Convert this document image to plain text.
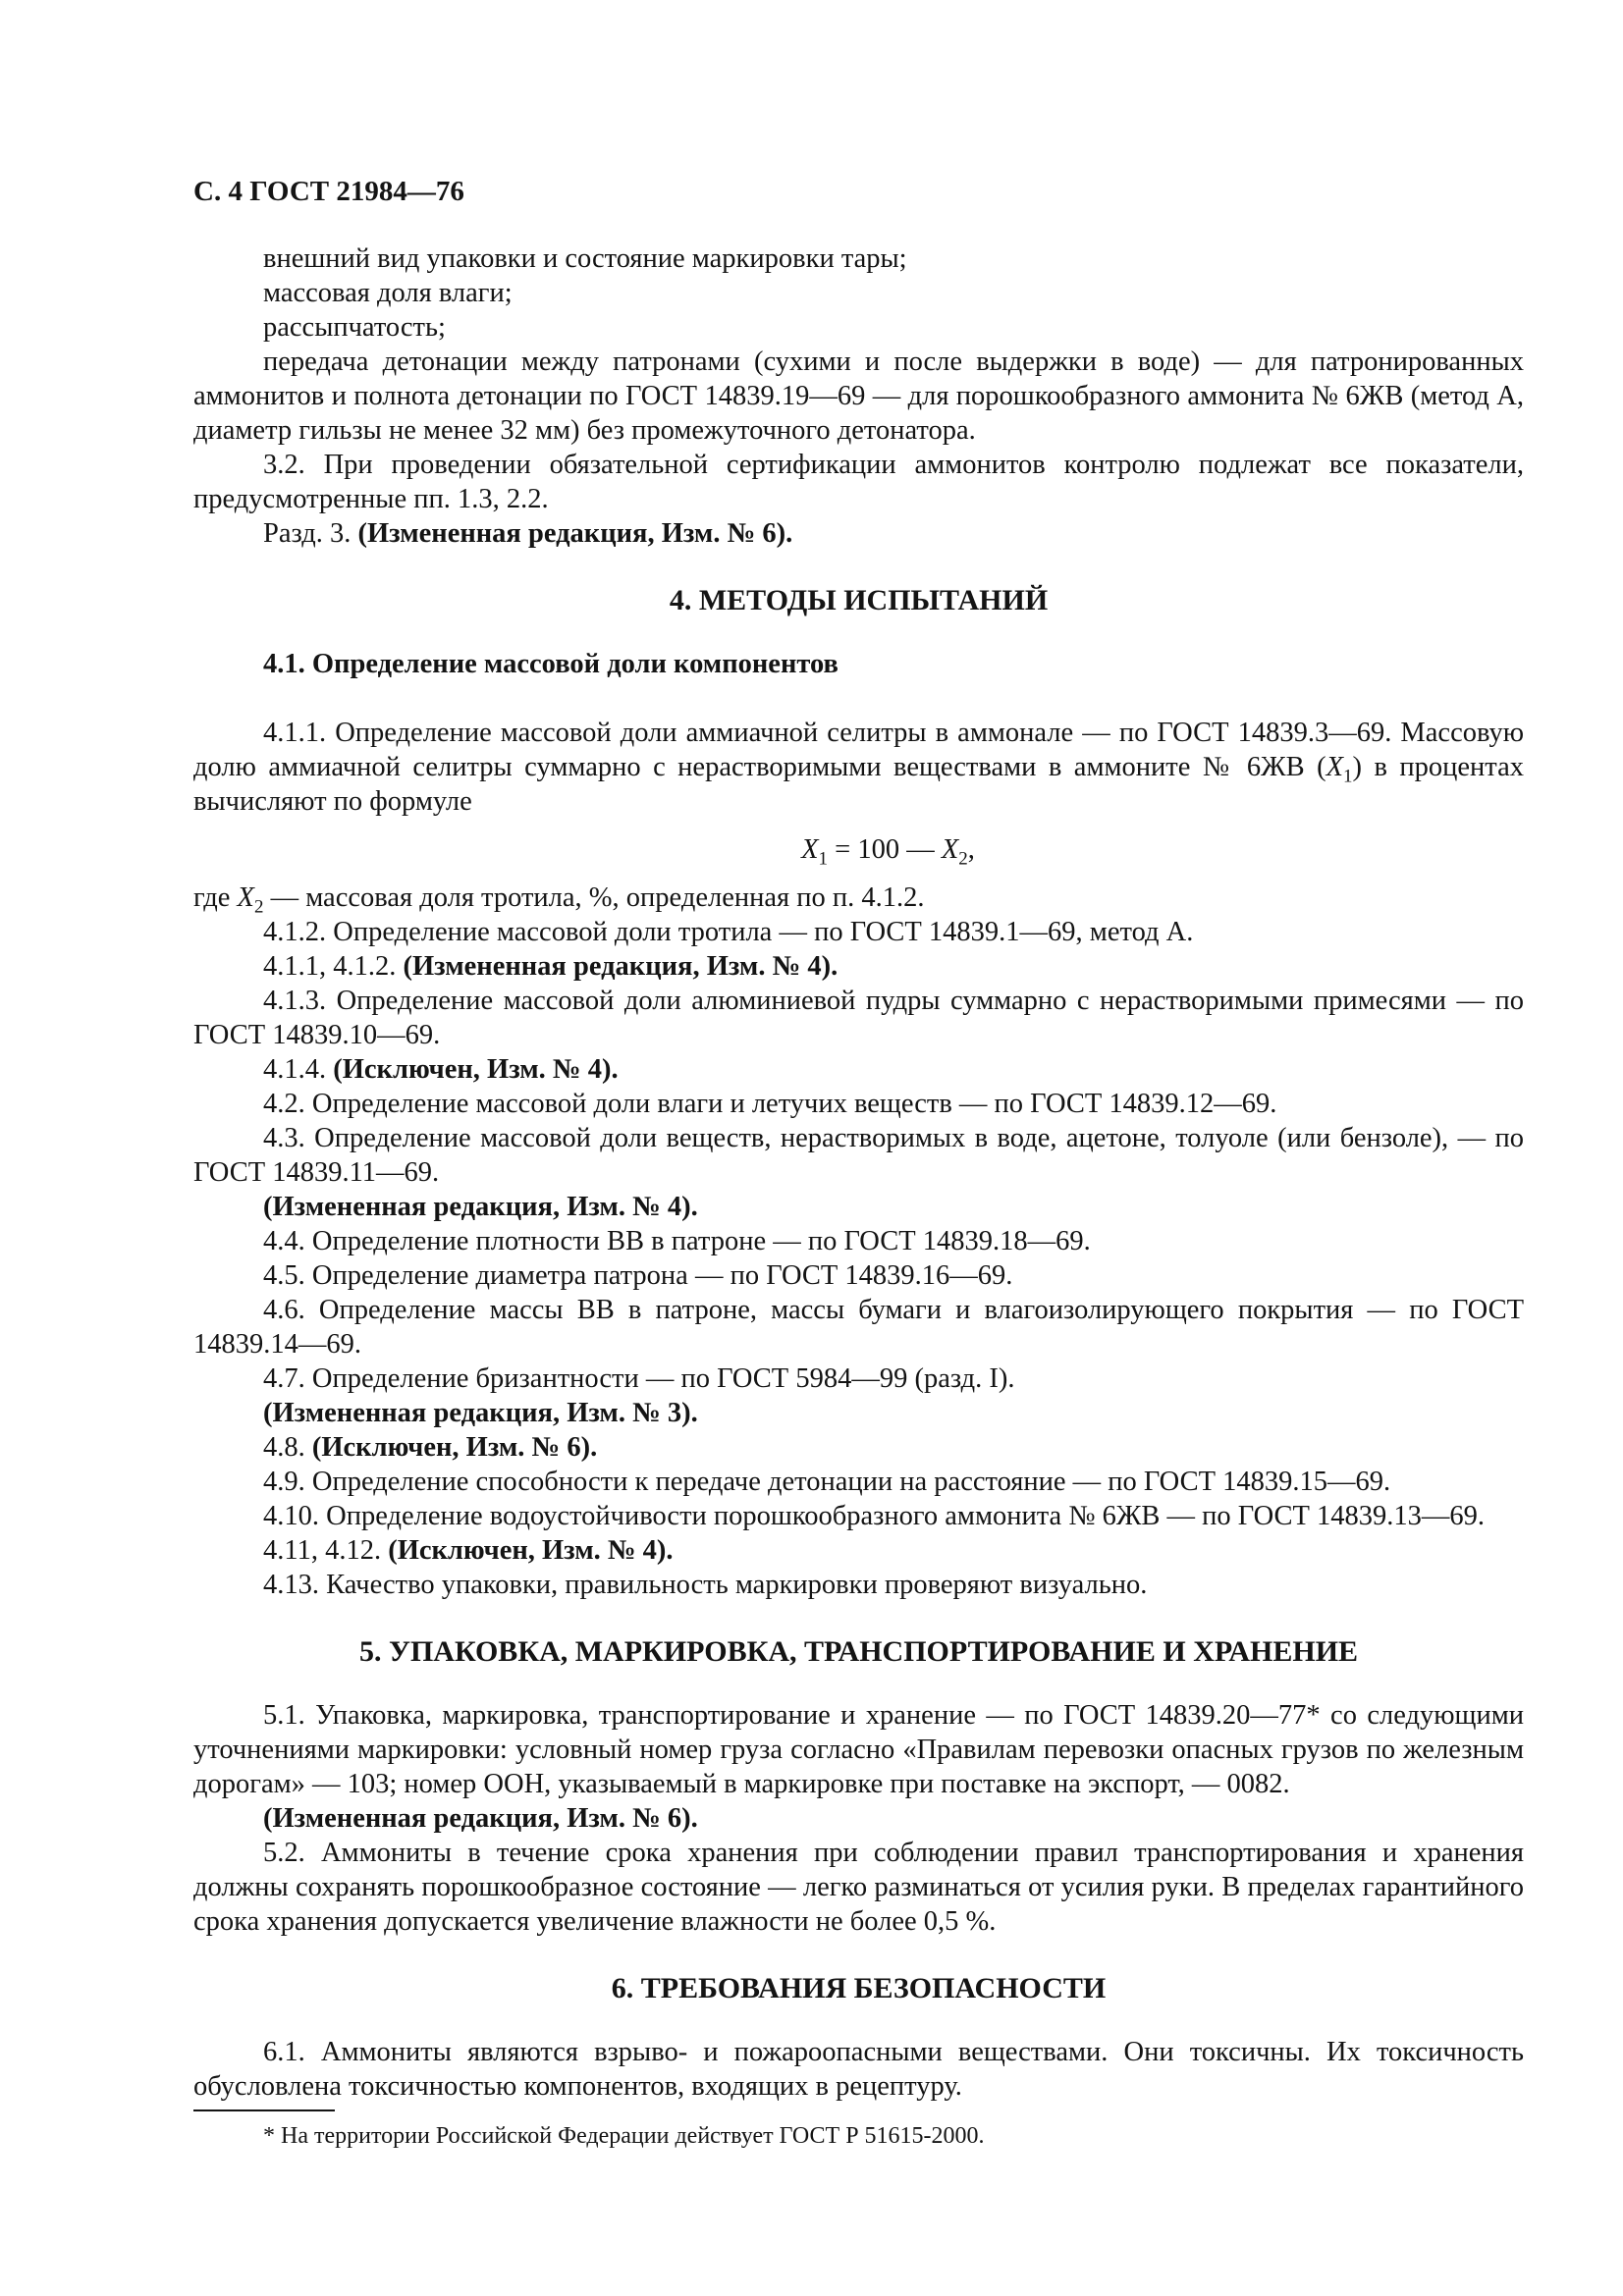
С. 4 ГОСТ 21984—76

внешний вид упаковки и состояние маркировки тары;

массовая доля влаги;

рассыпчатость;

передача детонации между патронами (сухими и после выдержки в воде) — для патронированных аммонитов и полнота детонации по ГОСТ 14839.19—69 — для порошкообразного аммонита № 6ЖВ (метод А, диаметр гильзы не менее 32 мм) без промежуточного детонатора.

3.2. При проведении обязательной сертификации аммонитов контролю подлежат все показатели, предусмотренные пп. 1.3, 2.2.

Разд. 3. (Измененная редакция, Изм. № 6).

4. МЕТОДЫ ИСПЫТАНИЙ
4.1. Определение массовой доли компонентов

4.1.1. Определение массовой доли аммиачной селитры в аммонале — по ГОСТ 14839.3—69. Массовую долю аммиачной селитры суммарно с нерастворимыми веществами в аммоните № 6ЖВ $(X_1)$ в процентах вычисляют по формуле

$X_1 = 100$ — $X_2$,

где $X_2$ — массовая доля тротила, %, определенная по п. 4.1.2.

4.1.2. Определение массовой доли тротила — по ГОСТ 14839.1—69, метод А.

4.1.1, 4.1.2. (Измененная редакция, Изм. № 4).

4.1.3. Определение массовой доли алюминиевой пудры суммарно с нерастворимыми примесями — по ГОСТ 14839.10—69.

4.1.4. (Исключен, Изм. № 4).

4.2. Определение массовой доли влаги и летучих веществ — по ГОСТ 14839.12—69.

4.3. Определение массовой доли веществ, нерастворимых в воде, ацетоне, толуоле (или бензоле), — по ГОСТ 14839.11—69.

(Измененная редакция, Изм. № 4).

4.4. Определение плотности ВВ в патроне — по ГОСТ 14839.18—69.

4.5. Определение диаметра патрона — по ГОСТ 14839.16—69.

4.6. Определение массы ВВ в патроне, массы бумаги и влагоизолирующего покрытия — по ГОСТ 14839.14—69.

4.7. Определение бризантности — по ГОСТ 5984—99 (разд. I).

(Измененная редакция, Изм. № 3).

4.8. (Исключен, Изм. № 6).

4.9. Определение способности к передаче детонации на расстояние — по ГОСТ 14839.15—69.

4.10. Определение водоустойчивости порошкообразного аммонита № 6ЖВ — по ГОСТ 14839.13—69.

4.11, 4.12. (Исключен, Изм. № 4).

4.13. Качество упаковки, правильность маркировки проверяют визуально.

5. УПАКОВКА, МАРКИРОВКА, ТРАНСПОРТИРОВАНИЕ И ХРАНЕНИЕ

5.1. Упаковка, маркировка, транспортирование и хранение — по ГОСТ 14839.20—77* со следующими уточнениями маркировки: условный номер груза согласно «Правилам перевозки опасных грузов по железным дорогам» — 103; номер ООН, указываемый в маркировке при поставке на экспорт, — 0082.

(Измененная редакция, Изм. № 6).

5.2. Аммониты в течение срока хранения при соблюдении правил транспортирования и хранения должны сохранять порошкообразное состояние — легко разминаться от усилия руки. В пределах гарантийного срока хранения допускается увеличение влажности не более 0,5 %.

6. ТРЕБОВАНИЯ БЕЗОПАСНОСТИ

6.1. Аммониты являются взрыво- и пожароопасными веществами. Они токсичны. Их токсичность обусловлена токсичностью компонентов, входящих в рецептуру.

* На территории Российской Федерации действует ГОСТ Р 51615-2000.
